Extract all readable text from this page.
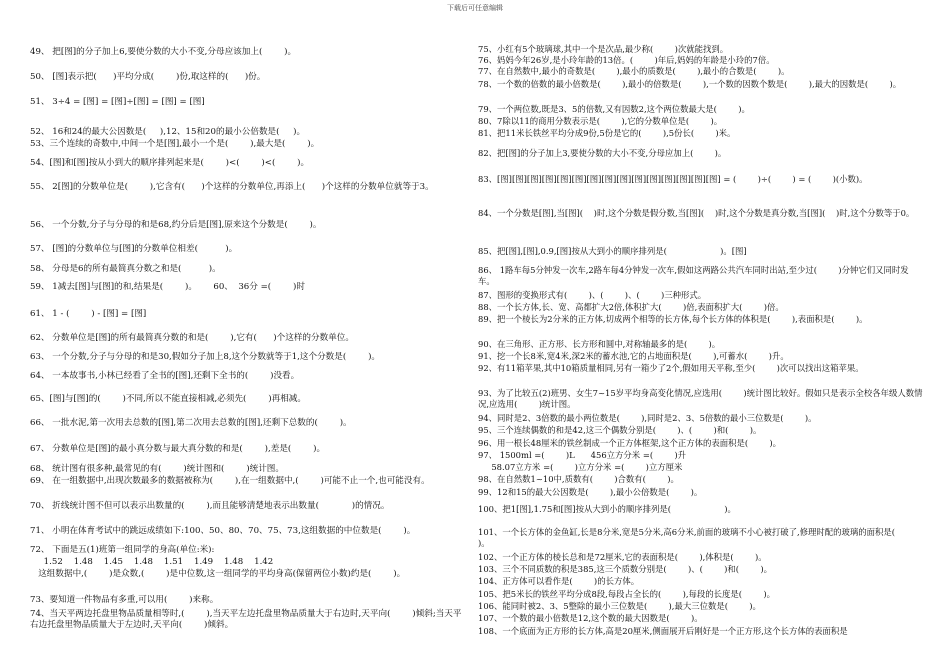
下载后可任意编辑
49、 把[图]的分子加上6,要使分数的大小不变,分母应该加上(        )。
50、 [图]表示把(      )平均分成(        )份,取这样的(      )份。
51、 3÷4 = [图] = [图]÷[图] = [图] = [图]
52、 16和24的最大公因数是(     ),12、15和20的最小公倍数是(     )。
53、三个连续的奇数中,中间一个是[图],最小一个是(        ),最大是(        )。
54、[图]和[图]按从小到大的顺序排列起来是(        )<(        )<(        )。
55、 2[图]的分数单位是(        ),它含有(      )个这样的分数单位,再添上(      )个这样的分数单位就等于3。
56、 一个分数,分子与分母的和是68,约分后是[图],原来这个分数是(        )。
57、 [图]的分数单位与[图]的分数单位相差(          )。
58、 分母是6的所有最简真分数之和是(          )。
59、 1减去[图]与[图]的和,结果是(        )。      60、  36分 =(        )时
61、 1 - (        ) - [图] = [图]
62、 分数单位是[图]的所有最简真分数的和是(        ),它有(      )个这样的分数单位。
63、 一个分数,分子与分母的和是30,假如分子加上8,这个分数就等于1,这个分数是(        )。
64、 一本故事书,小林已经看了全书的[图],还剩下全书的(        )没看。
65、[图]与[图]的(        )不同,所以不能直接相减,必须先(        )再相减。
66、 一批水泥,第一次用去总数的[图],第二次用去总数的[图],还剩下总数的(        )。
67、 分数单位是[图]的最小真分数与最大真分数的和是(        ),差是(        )。
68、 统计图有很多种,最常见的有(        )统计图和(        )统计图。
69、 在一组数据中,出现次数最多的数据被称为(        ),在一组数据中,(        )可能不止一个,也可能没有。
70、 折线统计图不但可以表示出数量的(        ),而且能够清楚地表示出数量(            )的情况。
71、 小明在体育考试中的跳远成绩如下:100、50、80、70、75、73,这组数据的中位数是(        )。
72、 下面是五(1)班第一组同学的身高(单位:米):
1.52    1.48    1.45    1.48    1.51    1.49    1.48    1.42
这组数据中,(        )是众数,(        )是中位数,这一组同学的平均身高(保留两位小数)约是(        )。
73、要知道一件物品有多重,可以用(        )来称。
74、当天平两边托盘里物品质量相等时,(        ),当天平左边托盘里物品质量大于右边时,天平向(        )倾斜;当天平右边托盘里物品质量大于左边时,天平向(        )倾斜。
75、小红有5个玻璃球,其中一个是次品,最少称(        )次就能找到。
76、妈妈今年26岁,是小玲年龄的13倍。(        )年后,妈妈的年龄是小玲的7倍。
77、在自然数中,最小的奇数是(        ),最小的质数是(        ),最小的合数是(        )。
78、一个数的倍数的最小倍数是(        ),最小的倍数是(        ),一个数的因数个数是(        ),最大的因数是(        )。
79、一个两位数,既是3、5的倍数,又有因数2,这个两位数最大是(        )。
80、7除以11的商用分数表示是(        ),它的分数单位是(        )。
81、把11米长铁丝平均分成9份,5份是它的(        ),5份长(        )米。
82、把[图]的分子加上3,要使分数的大小不变,分母应加上(        )。
83、[图][图][图][图][图][图][图][图][图][图][图][图][图][图][图] = (        )÷(        ) = (        )(小数)。
84、一个分数是[图],当[图](    )时,这个分数是假分数,当[图](    )时,这个分数是真分数,当[图](    )时,这个分数等于0。
85、把[图],[图],0.9,[图]按从大到小的顺序排列是(                    )。[图]
86、 1路车每5分钟发一次车,2路车每4分钟发一次车,假如这两路公共汽车同时出站,至少过(        )分钟它们又同时发车。
87、图形的变换形式有(        )、(        )、(        )三种形式。
88、一个长方体,长、宽、高都扩大2倍,体积扩大(        )倍,表面积扩大(        )倍。
89、把一个棱长为2分米的正方体,切成两个相等的长方体,每个长方体的体积是(        ),表面积是(        )。
90、在三角形、正方形、长方形和圆中,对称轴最多的是(        )。
91、挖一个长8米,宽4米,深2米的蓄水池,它的占地面积是(        ),可蓄水(        )升。
92、有11箱苹果,其中10箱质量相同,另有一箱少了2个,假如用天平称,至少(        )次可以找出这箱苹果。
93、为了比较五(2)班男、女生7~15岁平均身高变化情况,应选用(        )统计图比较好。假如只是表示全校各年级人数情况,应选用(        )统计图。
94、同时是2、3倍数的最小两位数是(        ),同时是2、3、5倍数的最小三位数是(        )。
95、三个连续偶数的和是42,这三个偶数分别是(        )、(        )和(        )。
96、用一根长48厘米的铁丝制成一个正方体框架,这个正方体的表面积是(        )。
97、 1500ml =(        )L      456立方分米 =(        )升
58.07立方米 =(        )立方分米 =(        )立方厘米
98、在自然数1~10中,质数有(        )合数有(        )。
99、12和15的最大公因数是(        ),最小公倍数是(        )。
100、把1[图],1.75和[图]按从大到小的顺序排列是(                    )。
101、一个长方体的金鱼缸,长是8分米,宽是5分米,高6分米,前面的玻璃不小心被打破了,修理时配的玻璃的面积是(        )。
102、一个正方体的棱长总和是72厘米,它的表面积是(        ),体积是(        )。
103、三个不同质数的积是385,这三个质数分别是(        )、(        )和(        )。
104、正方体可以看作是(        )的长方体。
105、把5米长的铁丝平均分成8段,每段占全长的(        ),每段的长度是(        )。
106、能同时被2、3、5整除的最小三位数是(        ),最大三位数是(        )。
107、一个数的最小倍数是12,这个数的最大因数是(        )。
108、一个底面为正方形的长方体,高是20厘米,侧面展开后刚好是一个正方形,这个长方体的表面积是
